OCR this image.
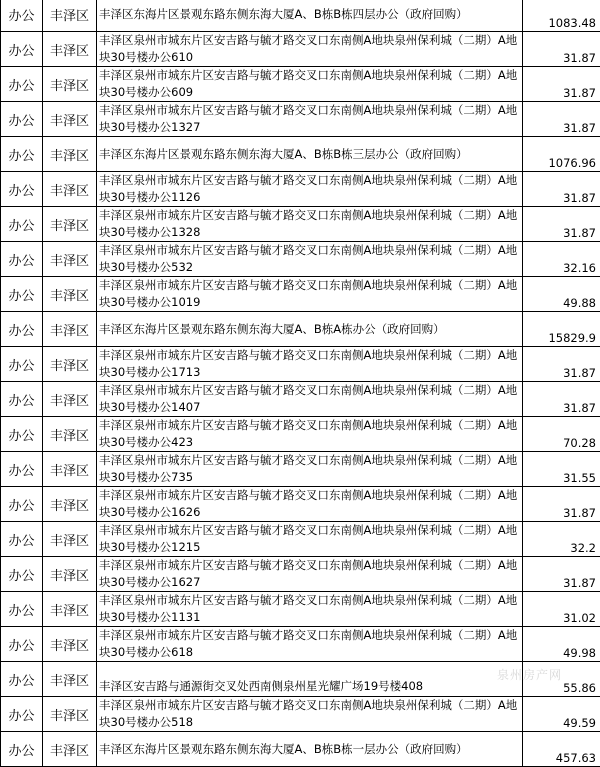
办公	丰泽区	丰泽区东海片区景观东路东侧东海大厦A、B栋B栋四层办公（政府回购）	1083.48
办公	丰泽区	丰泽区泉州市城东片区安吉路与毓才路交叉口东南侧A地块泉州保利城（二期）A地块30号楼办公610	31.87
办公	丰泽区	丰泽区泉州市城东片区安吉路与毓才路交叉口东南侧A地块泉州保利城（二期）A地块30号楼办公609	31.87
办公	丰泽区	丰泽区泉州市城东片区安吉路与毓才路交叉口东南侧A地块泉州保利城（二期）A地块30号楼办公1327	31.87
办公	丰泽区	丰泽区东海片区景观东路东侧东海大厦A、B栋B栋三层办公（政府回购）	1076.96
办公	丰泽区	丰泽区泉州市城东片区安吉路与毓才路交叉口东南侧A地块泉州保利城（二期）A地块30号楼办公1126	31.87
办公	丰泽区	丰泽区泉州市城东片区安吉路与毓才路交叉口东南侧A地块泉州保利城（二期）A地块30号楼办公1328	31.87
办公	丰泽区	丰泽区泉州市城东片区安吉路与毓才路交叉口东南侧A地块泉州保利城（二期）A地块30号楼办公532	32.16
办公	丰泽区	丰泽区泉州市城东片区安吉路与毓才路交叉口东南侧A地块泉州保利城（二期）A地块30号楼办公1019	49.88
办公	丰泽区	丰泽区东海片区景观东路东侧东海大厦A、B栋A栋办公（政府回购）	15829.9
办公	丰泽区	丰泽区泉州市城东片区安吉路与毓才路交叉口东南侧A地块泉州保利城（二期）A地块30号楼办公1713	31.87
办公	丰泽区	丰泽区泉州市城东片区安吉路与毓才路交叉口东南侧A地块泉州保利城（二期）A地块30号楼办公1407	31.87
办公	丰泽区	丰泽区泉州市城东片区安吉路与毓才路交叉口东南侧A地块泉州保利城（二期）A地块30号楼办公423	70.28
办公	丰泽区	丰泽区泉州市城东片区安吉路与毓才路交叉口东南侧A地块泉州保利城（二期）A地块30号楼办公735	31.55
办公	丰泽区	丰泽区泉州市城东片区安吉路与毓才路交叉口东南侧A地块泉州保利城（二期）A地块30号楼办公1626	31.87
办公	丰泽区	丰泽区泉州市城东片区安吉路与毓才路交叉口东南侧A地块泉州保利城（二期）A地块30号楼办公1215	32.2
办公	丰泽区	丰泽区泉州市城东片区安吉路与毓才路交叉口东南侧A地块泉州保利城（二期）A地块30号楼办公1627	31.87
办公	丰泽区	丰泽区泉州市城东片区安吉路与毓才路交叉口东南侧A地块泉州保利城（二期）A地块30号楼办公1131	31.02
办公	丰泽区	丰泽区泉州市城东片区安吉路与毓才路交叉口东南侧A地块泉州保利城（二期）A地块30号楼办公618	49.98
办公	丰泽区	丰泽区安吉路与通源街交叉处西南侧泉州星光耀广场19号楼408	55.86
办公	丰泽区	丰泽区泉州市城东片区安吉路与毓才路交叉口东南侧A地块泉州保利城（二期）A地块30号楼办公518	49.59
办公	丰泽区	丰泽区东海片区景观东路东侧东海大厦A、B栋B栋一层办公（政府回购）	457.63
泉州房产网
